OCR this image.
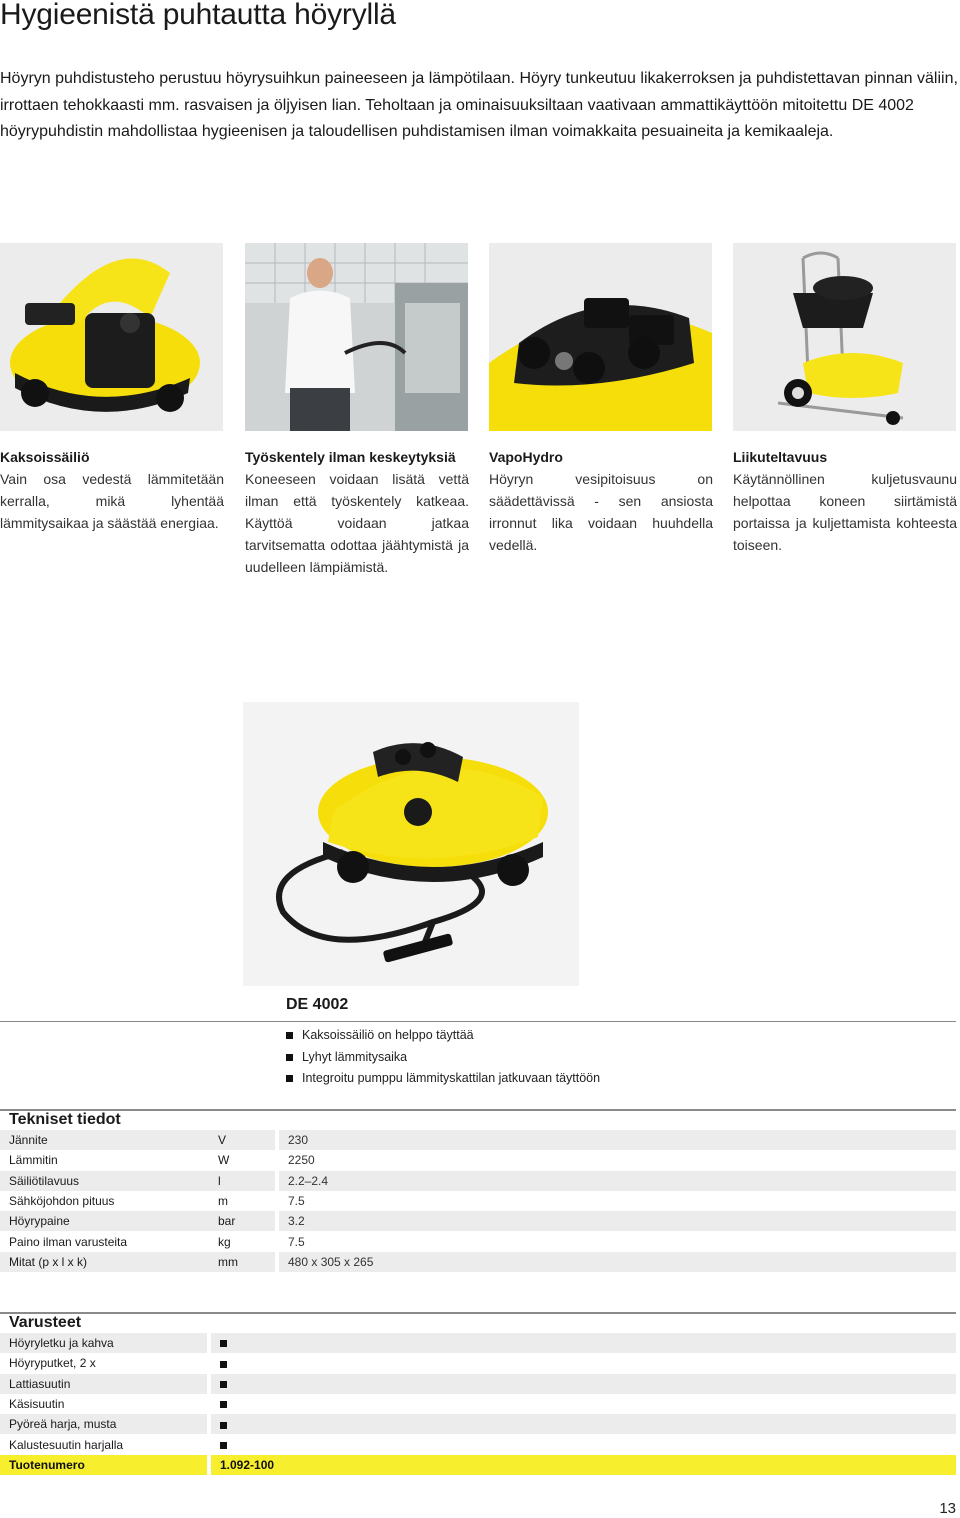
Hygieenistä puhtautta höyryllä

Höyryn puhdistusteho perustuu höyrysuihkun paineeseen ja lämpötilaan. Höyry tunkeutuu likakerroksen ja puhdistettavan pinnan väliin, irrottaen tehokkaasti mm. rasvaisen ja öljyisen lian. Teholtaan ja ominaisuuksiltaan vaativaan ammattikäyttöön mitoitettu DE 4002 höyrypuhdistin mahdollistaa hygieenisen ja taloudellisen puhdistamisen ilman voimakkaita pesuaineita ja kemikaaleja.

Kaksoissäiliö
Vain osa vedestä lämmitetään kerralla, mikä lyhentää lämmitysaikaa ja säästää energiaa.
Työskentely ilman keskeytyksiä
Koneeseen voidaan lisätä vettä ilman että työskentely katkeaa. Käyttöä voidaan jatkaa tarvitsematta odottaa jäähtymistä ja uudelleen lämpiämistä.
VapoHydro
Höyryn vesipitoisuus on säädettävissä - sen ansiosta irronnut lika voidaan huuhdella vedellä.
Liikuteltavuus
Käytännöllinen kuljetusvaunu helpottaa koneen siirtämistä portaissa ja kuljettamista kohteesta toiseen.
DE 4002
Kaksoissäiliö on helppo täyttää
Lyhyt lämmitysaika
Integroitu pumppu lämmityskattilan jatkuvaan täyttöön
Tekniset tiedot
Jännite	V	230
Lämmitin	W	2250
Säiliötilavuus	l	2.2–2.4
Sähköjohdon pituus	m	7.5
Höyrypaine	bar	3.2
Paino ilman varusteita	kg	7.5
Mitat (p x l x k)	mm	480 x 305 x 265
Varusteet
Höyryletku ja kahva	
Höyryputket, 2 x	
Lattiasuutin	
Käsisuutin	
Pyöreä harja, musta	
Kalustesuutin harjalla	
Tuotenumero	1.092-100
13
